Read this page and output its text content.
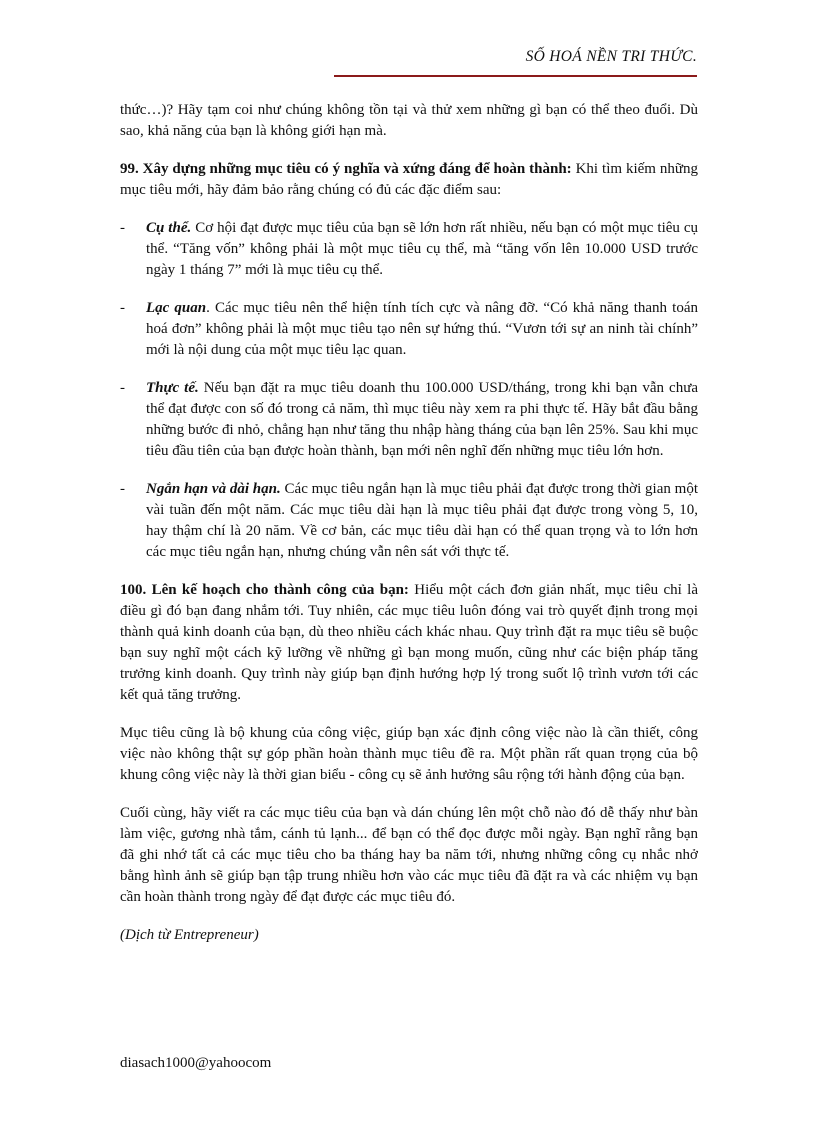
SỐ HOÁ NỀN TRI THỨC.

thức…)? Hãy tạm coi như chúng không tồn tại và thử xem những gì bạn có thể theo đuổi. Dù sao, khả năng của bạn là không giới hạn mà.

99. Xây dựng những mục tiêu có ý nghĩa và xứng đáng để hoàn thành: Khi tìm kiếm những mục tiêu mới, hãy đảm bảo rằng chúng có đủ các đặc điểm sau:

- Cụ thể. Cơ hội đạt được mục tiêu của bạn sẽ lớn hơn rất nhiều, nếu bạn có một mục tiêu cụ thể. “Tăng vốn” không phải là một mục tiêu cụ thể, mà “tăng vốn lên 10.000 USD trước ngày 1 tháng 7” mới là mục tiêu cụ thể.
- Lạc quan. Các mục tiêu nên thể hiện tính tích cực và nâng đỡ. “Có khả năng thanh toán hoá đơn” không phải là một mục tiêu tạo nên sự hứng thú. “Vươn tới sự an ninh tài chính” mới là nội dung của một mục tiêu lạc quan.
- Thực tế. Nếu bạn đặt ra mục tiêu doanh thu 100.000 USD/tháng, trong khi bạn vẫn chưa thể đạt được con số đó trong cả năm, thì mục tiêu này xem ra phi thực tế. Hãy bắt đầu bằng những bước đi nhỏ, chẳng hạn như tăng thu nhập hàng tháng của bạn lên 25%. Sau khi mục tiêu đầu tiên của bạn được hoàn thành, bạn mới nên nghĩ đến những mục tiêu lớn hơn.
- Ngắn hạn và dài hạn. Các mục tiêu ngắn hạn là mục tiêu phải đạt được trong thời gian một vài tuần đến một năm. Các mục tiêu dài hạn là mục tiêu phải đạt được trong vòng 5, 10, hay thậm chí là 20 năm. Về cơ bản, các mục tiêu dài hạn có thể quan trọng và to lớn hơn các mục tiêu ngắn hạn, nhưng chúng vẫn nên sát với thực tế.

100. Lên kế hoạch cho thành công của bạn: Hiểu một cách đơn giản nhất, mục tiêu chỉ là điều gì đó bạn đang nhắm tới. Tuy nhiên, các mục tiêu luôn đóng vai trò quyết định trong mọi thành quả kinh doanh của bạn, dù theo nhiều cách khác nhau. Quy trình đặt ra mục tiêu sẽ buộc bạn suy nghĩ một cách kỹ lưỡng về những gì bạn mong muốn, cũng như các biện pháp tăng trưởng kinh doanh. Quy trình này giúp bạn định hướng hợp lý trong suốt lộ trình vươn tới các kết quả tăng trưởng.

Mục tiêu cũng là bộ khung của công việc, giúp bạn xác định công việc nào là cần thiết, công việc nào không thật sự góp phần hoàn thành mục tiêu đề ra. Một phần rất quan trọng của bộ khung công việc này là thời gian biểu - công cụ sẽ ảnh hưởng sâu rộng tới hành động của bạn.

Cuối cùng, hãy viết ra các mục tiêu của bạn và dán chúng lên một chỗ nào đó dễ thấy như bàn làm việc, gương nhà tắm, cánh tủ lạnh... để bạn có thể đọc được mỗi ngày. Bạn nghĩ rằng bạn đã ghi nhớ tất cả các mục tiêu cho ba tháng hay ba năm tới, nhưng những công cụ nhắc nhở bằng hình ảnh sẽ giúp bạn tập trung nhiều hơn vào các mục tiêu đã đặt ra và các nhiệm vụ bạn cần hoàn thành trong ngày để đạt được các mục tiêu đó.

(Dịch từ Entrepreneur)

diasach1000@yahoocom
